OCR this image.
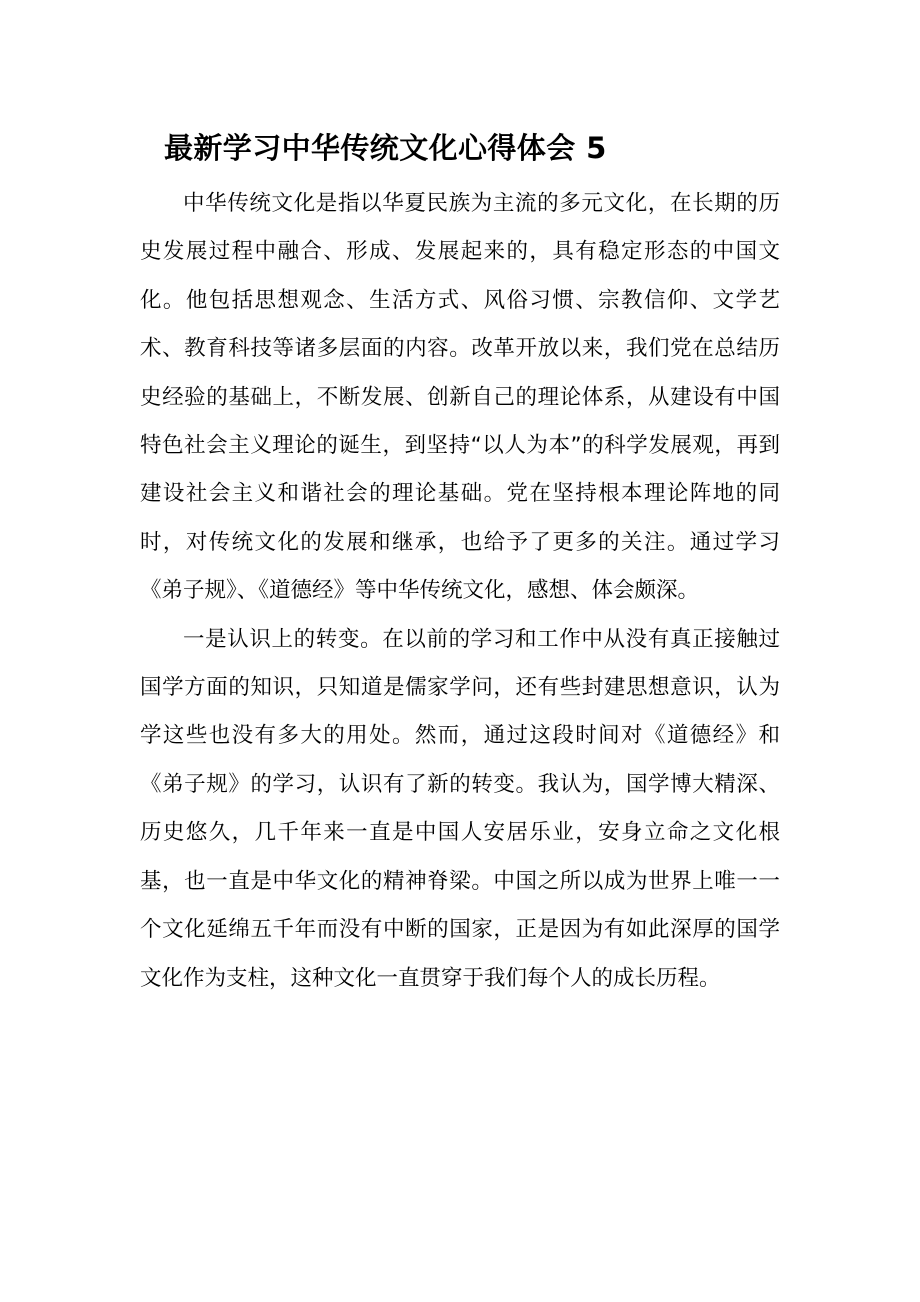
最新学习中华传统文化心得体会 5

中华传统文化是指以华夏民族为主流的多元文化，在长期的历史发展过程中融合、形成、发展起来的，具有稳定形态的中国文化。他包括思想观念、生活方式、风俗习惯、宗教信仰、文学艺术、教育科技等诸多层面的内容。改革开放以来，我们党在总结历史经验的基础上，不断发展、创新自己的理论体系，从建设有中国特色社会主义理论的诞生，到坚持“以人为本”的科学发展观，再到建设社会主义和谐社会的理论基础。党在坚持根本理论阵地的同时，对传统文化的发展和继承，也给予了更多的关注。通过学习《弟子规》、《道德经》等中华传统文化，感想、体会颇深。

一是认识上的转变。在以前的学习和工作中从没有真正接触过国学方面的知识，只知道是儒家学问，还有些封建思想意识，认为学这些也没有多大的用处。然而，通过这段时间对《道德经》和《弟子规》的学习，认识有了新的转变。我认为，国学博大精深、历史悠久，几千年来一直是中国人安居乐业，安身立命之文化根基，也一直是中华文化的精神脊梁。中国之所以成为世界上唯一一个文化延绵五千年而没有中断的国家，正是因为有如此深厚的国学文化作为支柱，这种文化一直贯穿于我们每个人的成长历程。
